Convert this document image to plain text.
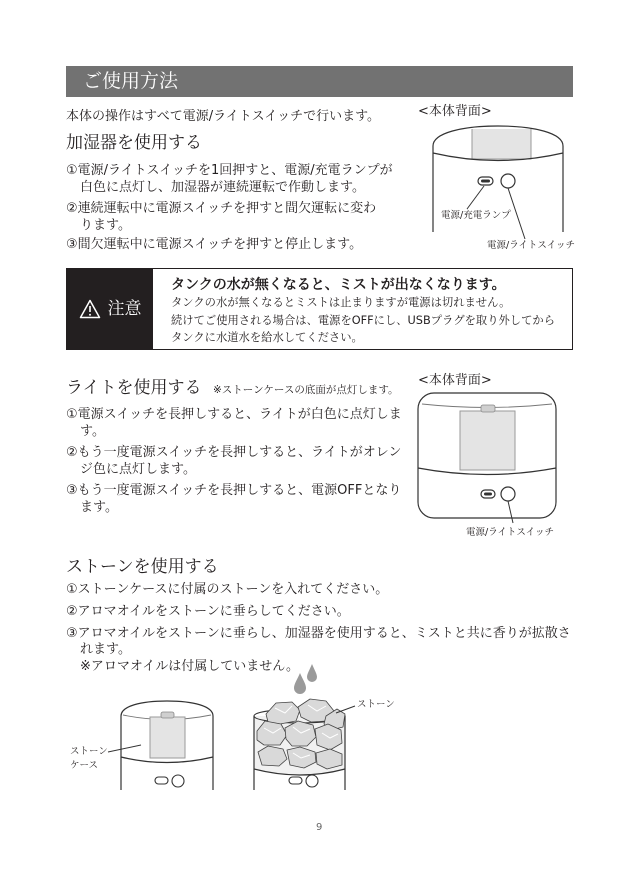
ご使用方法
本体の操作はすべて電源/ライトスイッチで行います。	<本体背面>
加湿器を使用する
①電源/ライトスイッチを1回押すと、電源/充電ランプが
白色に点灯し、加湿器が連続運転で作動します。
②連続運転中に電源スイッチを押すと間欠運転に変わ
ります。
③間欠運転中に電源スイッチを押すと停止します。
電源/充電ランプ
電源/ライトスイッチ
注意
タンクの水が無くなると、ミストが出なくなります。
タンクの水が無くなるとミストは止まりますが電源は切れません。
続けてご使用される場合は、電源をOFFにし、USBプラグを取り外してから
タンクに水道水を給水してください。
ライトを使用する ※ストーンケースの底面が点灯します。
<本体背面>
①電源スイッチを長押しすると、ライトが白色に点灯しま
す。
②もう一度電源スイッチを長押しすると、ライトがオレン
ジ色に点灯します。
③もう一度電源スイッチを長押しすると、電源OFFとなり
ます。
電源/ライトスイッチ
ストーンを使用する
①ストーンケースに付属のストーンを入れてください。
②アロマオイルをストーンに垂らしてください。
③アロマオイルをストーンに垂らし、加湿器を使用すると、ミストと共に香りが拡散さ
れます。
※アロマオイルは付属していません。
ストーン
ストーン
ケース
9
